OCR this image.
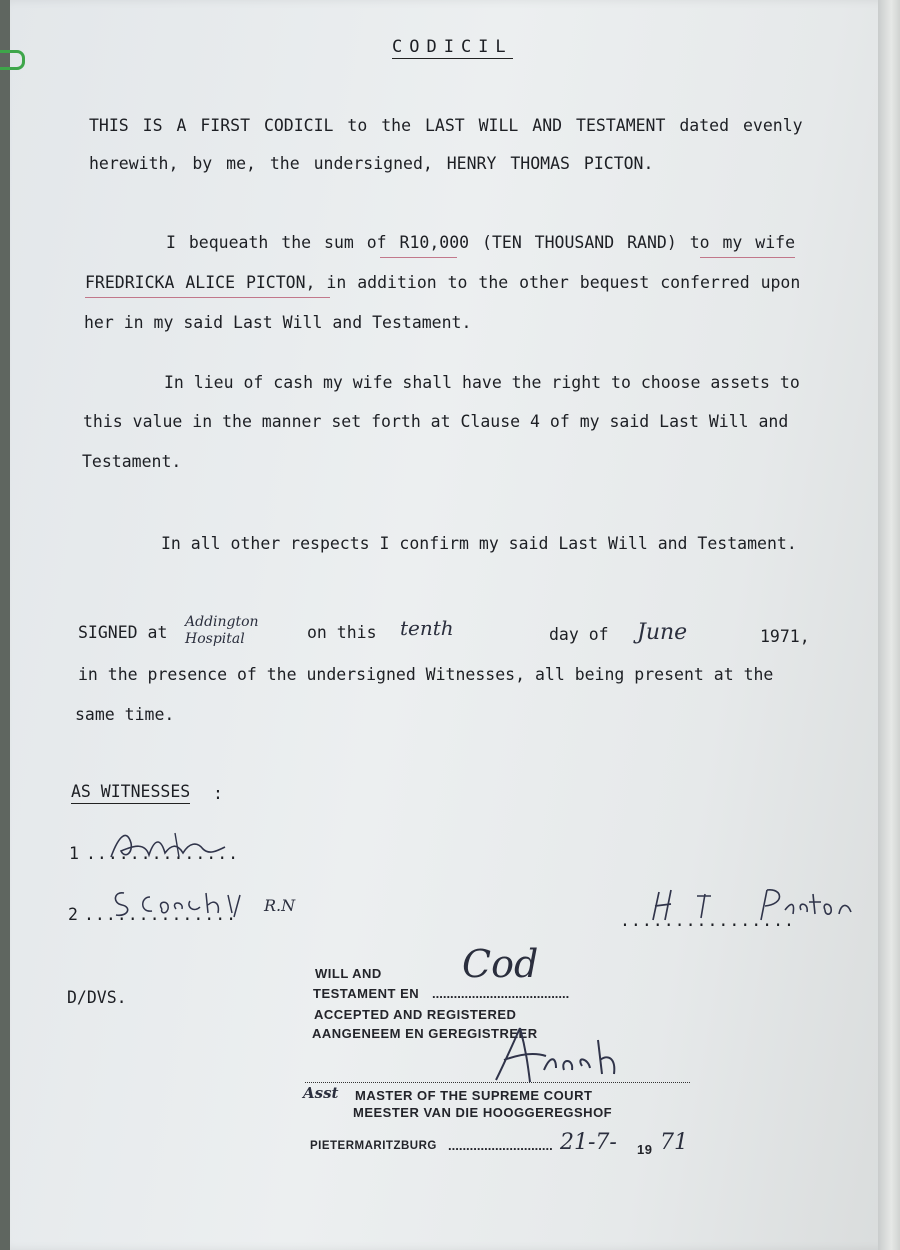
CODICIL
THIS IS A FIRST CODICIL to the LAST WILL AND TESTAMENT dated evenly
herewith, by me, the undersigned, HENRY THOMAS PICTON.
I bequeath the sum of R10,000 (TEN THOUSAND RAND) to my wife
FREDRICKA ALICE PICTON, in addition to the other bequest conferred upon
her in my said Last Will and Testament.
In lieu of cash my wife shall have the right to choose assets to
this value in the manner set forth at Clause 4 of my said Last Will and
Testament.
In all other respects I confirm my said Last Will and Testament.
SIGNED at
Addington Hospital	on this tenth	day of June	1971,
in the presence of the undersigned Witnesses, all being present at the
same time.
AS WITNESSES :
1 ..............
2 .............. R.N
................
D/DVS.
WILL AND
TESTAMENT EN ......................................
Cod
ACCEPTED AND REGISTERED
AANGENEEM EN GEREGISTREER
Asst MASTER OF THE SUPREME COURT
MEESTER VAN DIE HOOGGEREGSHOF
PIETERMARITZBURG ............................. 21-7- 19 71
